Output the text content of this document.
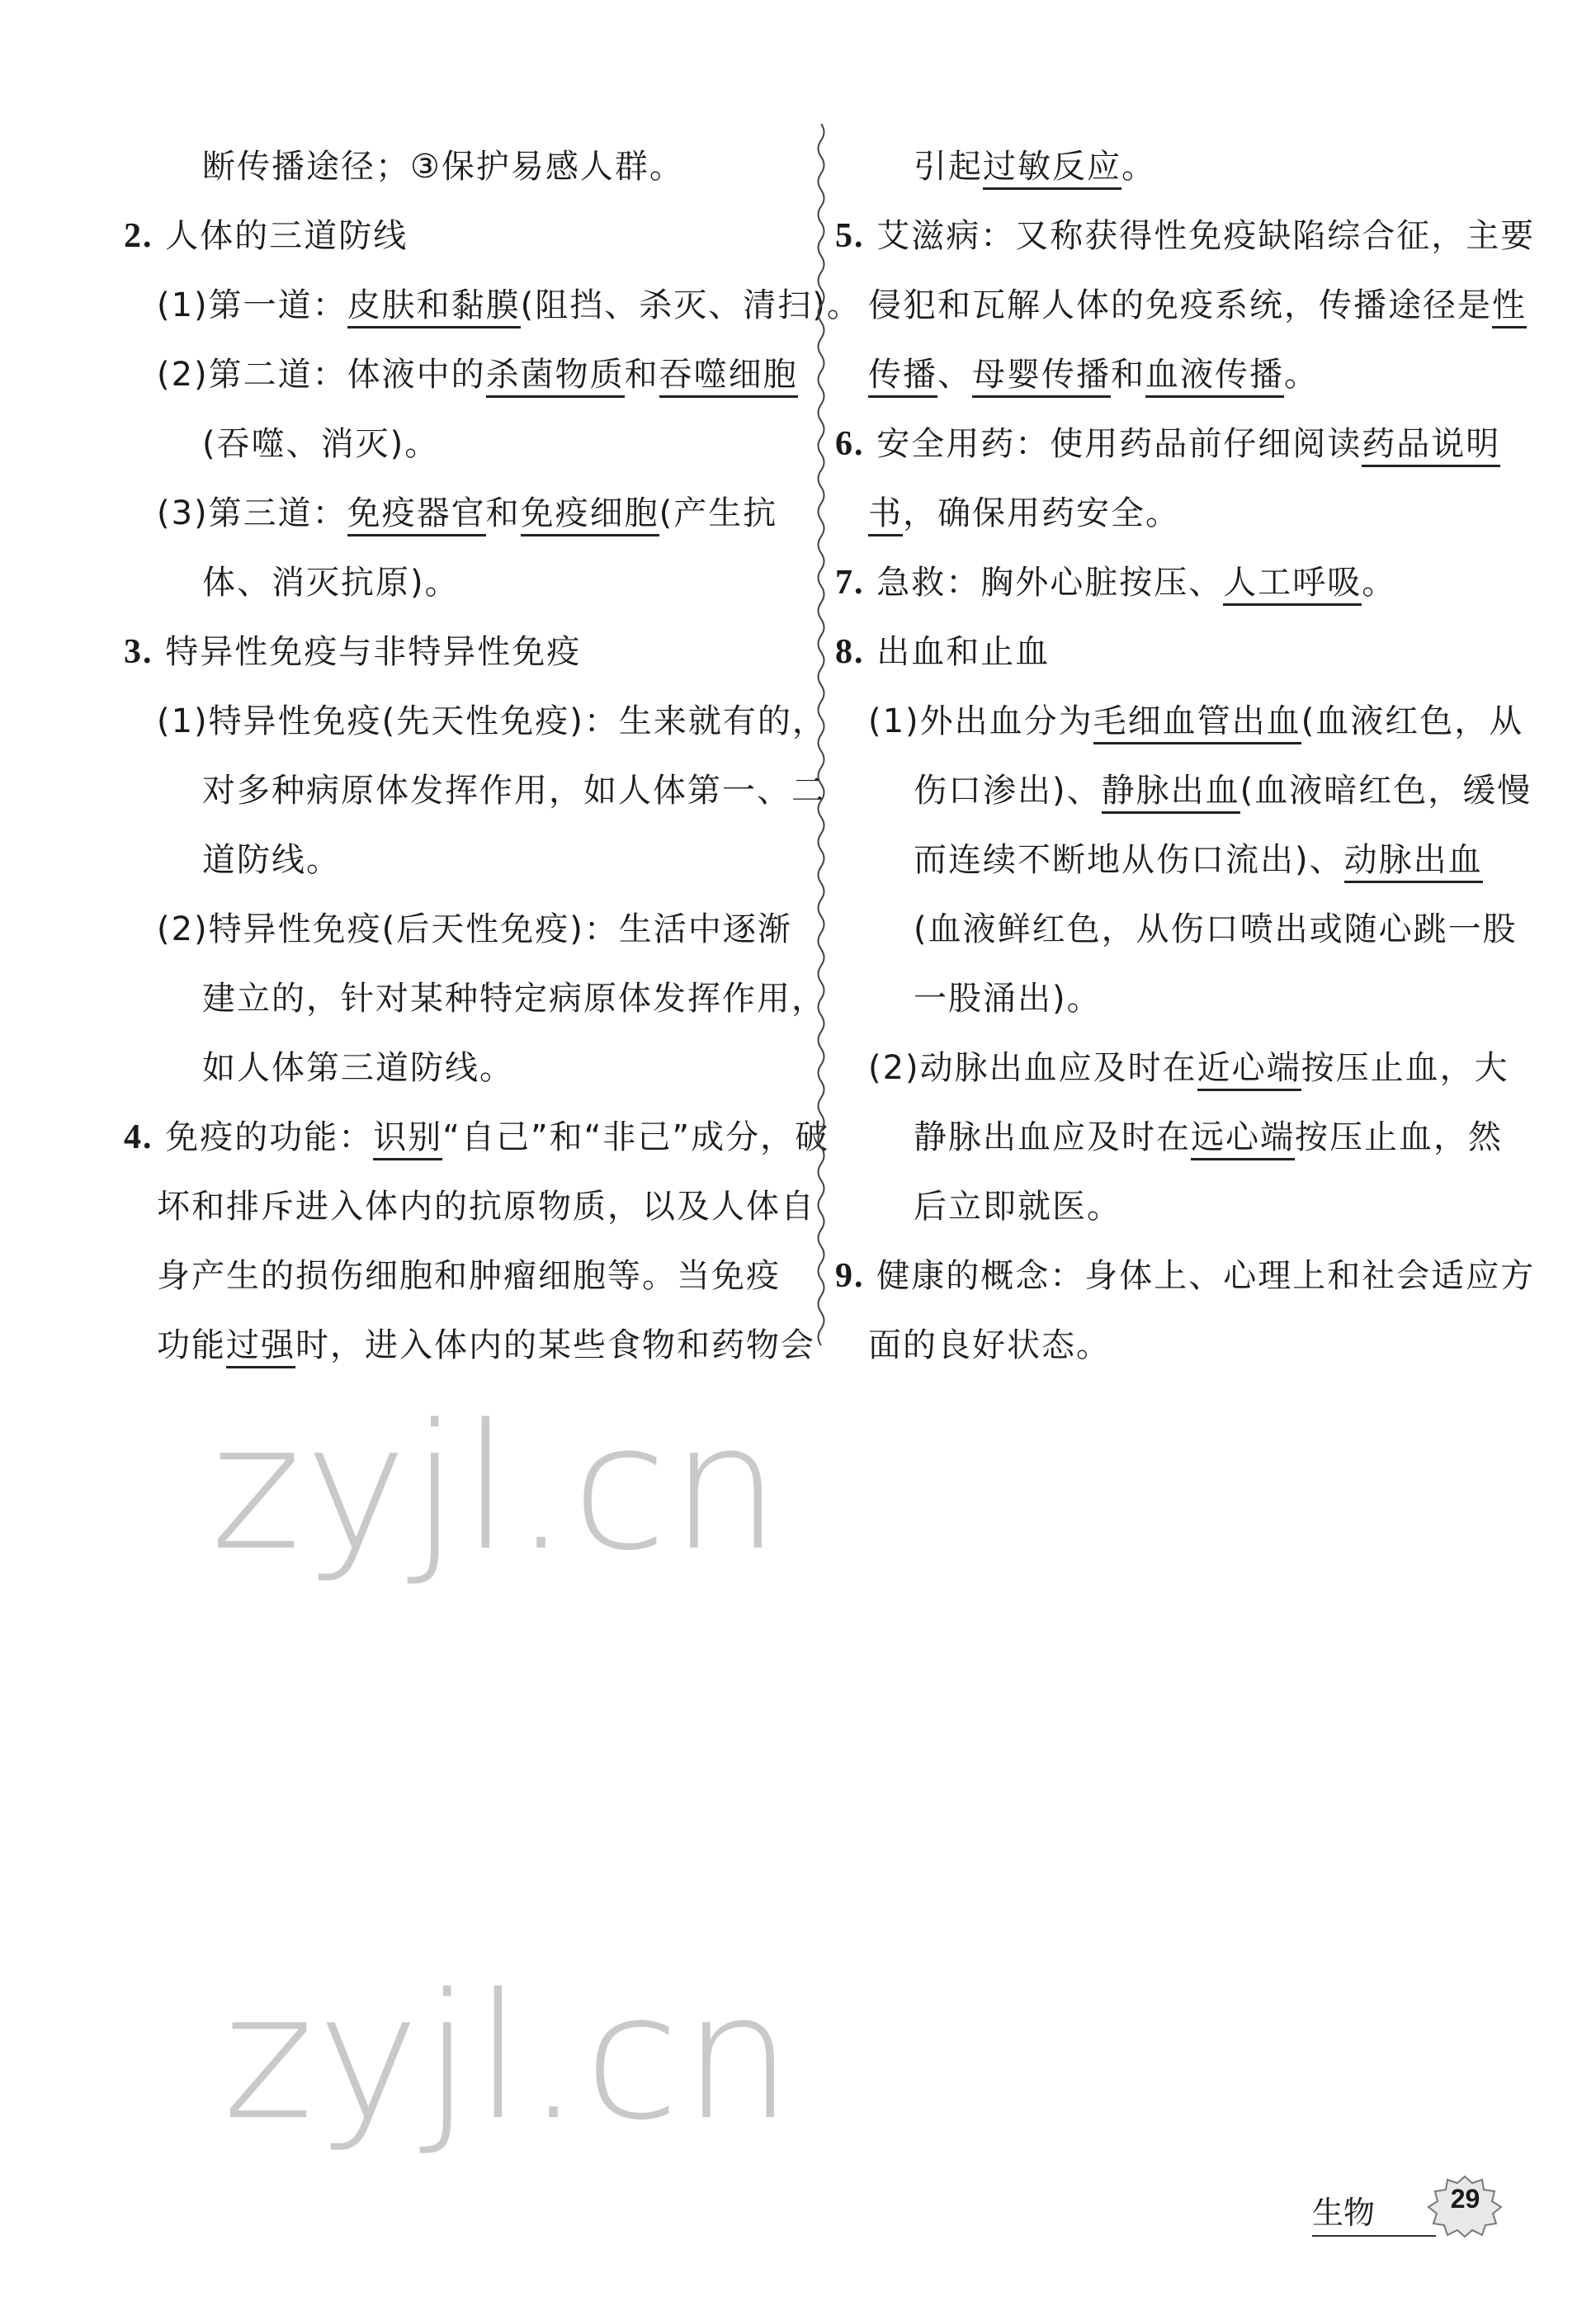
断传播途径；③保护易感人群。
2. 人体的三道防线
(1)第一道：皮肤和黏膜(阻挡、杀灭、清扫)。
(2)第二道：体液中的杀菌物质和吞噬细胞
(吞噬、消灭)。
(3)第三道：免疫器官和免疫细胞(产生抗
体、消灭抗原)。
3. 特异性免疫与非特异性免疫
(1)特异性免疫(先天性免疫)：生来就有的，
对多种病原体发挥作用，如人体第一、二
道防线。
(2)特异性免疫(后天性免疫)：生活中逐渐
建立的，针对某种特定病原体发挥作用，
如人体第三道防线。
4. 免疫的功能：识别“自己”和“非己”成分，破
坏和排斥进入体内的抗原物质，以及人体自
身产生的损伤细胞和肿瘤细胞等。当免疫
功能过强时，进入体内的某些食物和药物会
引起过敏反应。
5. 艾滋病：又称获得性免疫缺陷综合征，主要
侵犯和瓦解人体的免疫系统，传播途径是性
传播、母婴传播和血液传播。
6. 安全用药：使用药品前仔细阅读药品说明
书，确保用药安全。
7. 急救：胸外心脏按压、人工呼吸。
8. 出血和止血
(1)外出血分为毛细血管出血(血液红色，从
伤口渗出)、静脉出血(血液暗红色，缓慢
而连续不断地从伤口流出)、动脉出血
(血液鲜红色，从伤口喷出或随心跳一股
一股涌出)。
(2)动脉出血应及时在近心端按压止血，大
静脉出血应及时在远心端按压止血，然
后立即就医。
9. 健康的概念：身体上、心理上和社会适应方
面的良好状态。
zyjl.cn
zyjl.cn
生物	29
